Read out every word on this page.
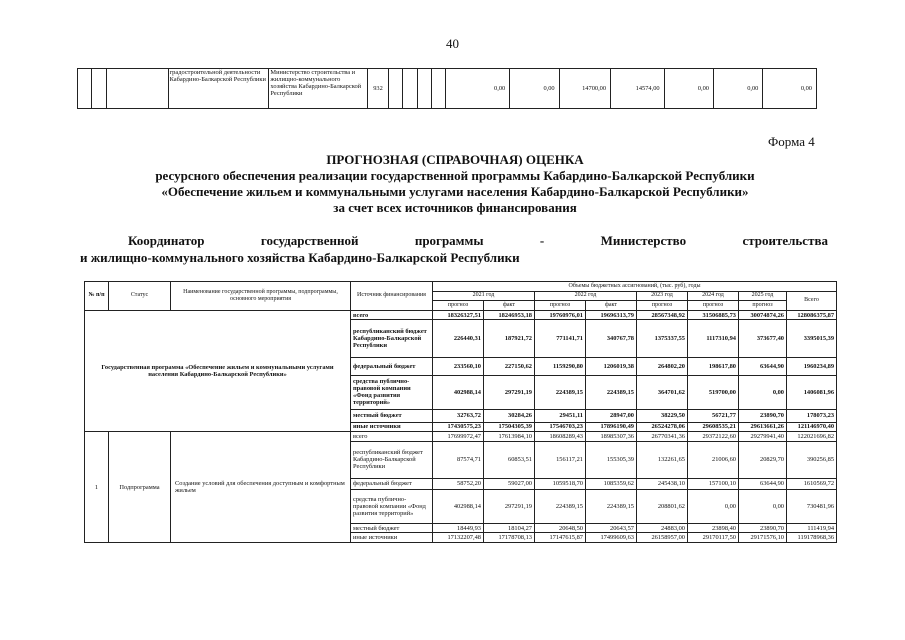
40
			градостроительной деятельности Кабардино-Балкарской Республики	Министерство строительства и жилищно-коммунального хозяйства Кабардино-Балкарской Республики	932					0,00	0,00	14700,00	14574,00	0,00	0,00	0,00
Форма 4
ПРОГНОЗНАЯ (СПРАВОЧНАЯ) ОЦЕНКА
ресурсного обеспечения реализации государственной программы Кабардино-Балкарской Республики
«Обеспечение жильем и коммунальными услугами населения Кабардино-Балкарской Республики»
за счет всех источников финансирования
Координатор	государственной	программы	-	Министерство	строительства
и жилищно-коммунального хозяйства Кабардино-Балкарской Республики
№ п/п	Статус	Наименование государственной программы, подпрограммы, основного мероприятия	Источник финансирования	Объемы бюджетных ассигнований, (тыс. руб), годы							
				2021 год		2022 год		2023 год	2024 год	2025 год	Всего
				прогноз	факт	прогноз	факт	прогноз	прогноз	прогноз	
Государственная программа «Обеспечение жильем и коммунальными услугами населения Кабардино-Балкарской Республики»			всего	18326327,51	18246953,18	19760976,01	19696313,79	28567348,92	31506885,73	30074874,26	128086375,87
			республиканский бюджет Кабардино-Балкарской Республики	226440,31	187921,72	771141,71	340767,78	1375337,55	1117310,94	373677,40	3395015,39
			федеральный бюджет	233560,10	227150,62	1159290,80	1206019,38	264802,20	198617,80	63644,90	1960234,89
			средства публично-правовой компании «Фонд развития территорий»	402988,14	297291,19	224389,15	224389,15	364701,62	519700,00	0,00	1406081,96
			местный бюджет	32763,72	30284,26	29451,11	28947,00	38229,50	56721,77	23890,70	178073,23
			иные источники	17430575,23	17504305,39	17546703,23	17896190,49	26524278,06	29608535,21	29613661,26	121146970,40
1	Подпрограмма	Создание условий для обеспечения доступным и комфортным жильем	всего	17699972,47	17613984,10	18608289,43	18985307,36	26770341,36	29372122,60	29279941,40	122021696,82
			республиканский бюджет Кабардино-Балкарской Республики	87574,71	60853,51	156117,21	155305,39	132261,65	21006,60	20829,70	390256,85
			федеральный бюджет	58752,20	59027,00	1059518,70	1085359,62	245438,10	157100,10	63644,90	1610569,72
			средства публично-правовой компании «Фонд развития территорий»	402988,14	297291,19	224389,15	224389,15	208801,62	0,00	0,00	730481,96
			местный бюджет	18449,93	18104,27	20648,50	20643,57	24883,00	23898,40	23890,70	111419,94
			иные источники	17132207,48	17178708,13	17147615,87	17499609,63	26158957,00	29170117,50	29171576,10	119178968,36
